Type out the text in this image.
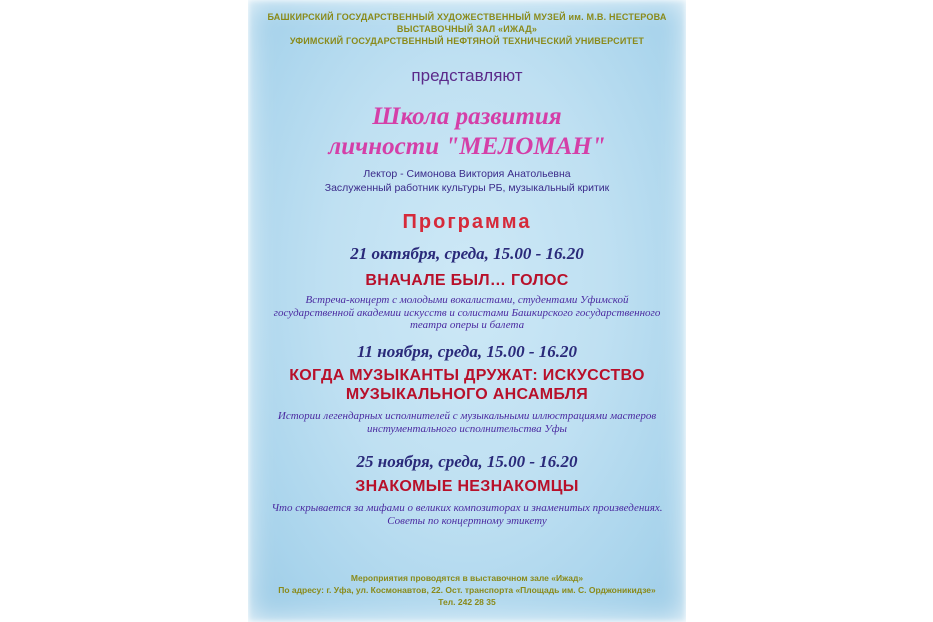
БАШКИРСКИЙ ГОСУДАРСТВЕННЫЙ ХУДОЖЕСТВЕННЫЙ МУЗЕЙ им. М.В. НЕСТЕРОВА
ВЫСТАВОЧНЫЙ ЗАЛ «ИЖАД»
УФИМСКИЙ ГОСУДАРСТВЕННЫЙ НЕФТЯНОЙ ТЕХНИЧЕСКИЙ УНИВЕРСИТЕТ
представляют
Школа развития
личности "МЕЛОМАН"
Лектор - Симонова Виктория Анатольевна
Заслуженный работник культуры РБ, музыкальный критик
Программа
21 октября, среда, 15.00 - 16.20
ВНАЧАЛЕ БЫЛ… ГОЛОС
Встреча-концерт с молодыми вокалистами, студентами Уфимской государственной академии искусств и солистами Башкирского государственного театра оперы и балета
11 ноября, среда, 15.00 - 16.20
КОГДА МУЗЫКАНТЫ ДРУЖАТ: ИСКУССТВО
МУЗЫКАЛЬНОГО АНСАМБЛЯ
Истории легендарных исполнителей с музыкальными иллюстрациями мастеров инстументального исполнительства Уфы
25 ноября, среда, 15.00 - 16.20
ЗНАКОМЫЕ НЕЗНАКОМЦЫ
Что скрывается за мифами о великих композиторах и знаменитых произведениях. Советы по концертному этикету
Мероприятия проводятся в выставочном зале «Ижад»
По адресу: г. Уфа, ул. Космонавтов, 22. Ост. транспорта «Площадь им. С. Орджоникидзе»
Тел. 242 28 35
